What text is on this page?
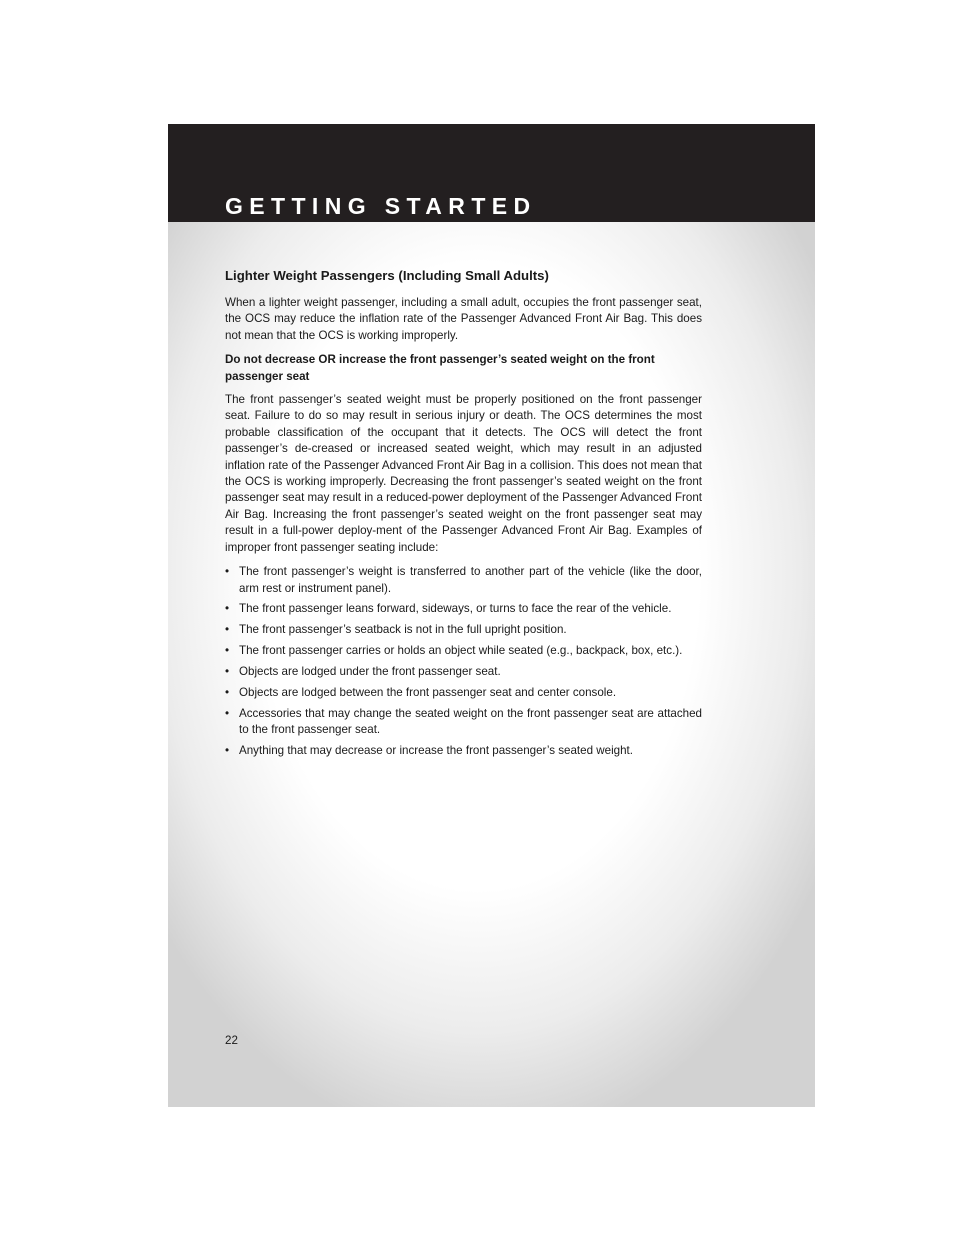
GETTING STARTED
Lighter Weight Passengers (Including Small Adults)

When a lighter weight passenger, including a small adult, occupies the front passenger seat, the OCS may reduce the inflation rate of the Passenger Advanced Front Air Bag. This does not mean that the OCS is working improperly.

Do not decrease OR increase the front passenger’s seated weight on the front passenger seat

The front passenger’s seated weight must be properly positioned on the front passenger seat. Failure to do so may result in serious injury or death. The OCS determines the most probable classification of the occupant that it detects. The OCS will detect the front passenger’s de-creased or increased seated weight, which may result in an adjusted inflation rate of the Passenger Advanced Front Air Bag in a collision. This does not mean that the OCS is working improperly. Decreasing the front passenger’s seated weight on the front passenger seat may result in a reduced-power deployment of the Passenger Advanced Front Air Bag. Increasing the front passenger’s seated weight on the front passenger seat may result in a full-power deploy-ment of the Passenger Advanced Front Air Bag. Examples of improper front passenger seating include:

• The front passenger’s weight is transferred to another part of the vehicle (like the door, arm rest or instrument panel).
• The front passenger leans forward, sideways, or turns to face the rear of the vehicle.
• The front passenger’s seatback is not in the full upright position.
• The front passenger carries or holds an object while seated (e.g., backpack, box, etc.).
• Objects are lodged under the front passenger seat.
• Objects are lodged between the front passenger seat and center console.
• Accessories that may change the seated weight on the front passenger seat are attached to the front passenger seat.
• Anything that may decrease or increase the front passenger’s seated weight.
22
